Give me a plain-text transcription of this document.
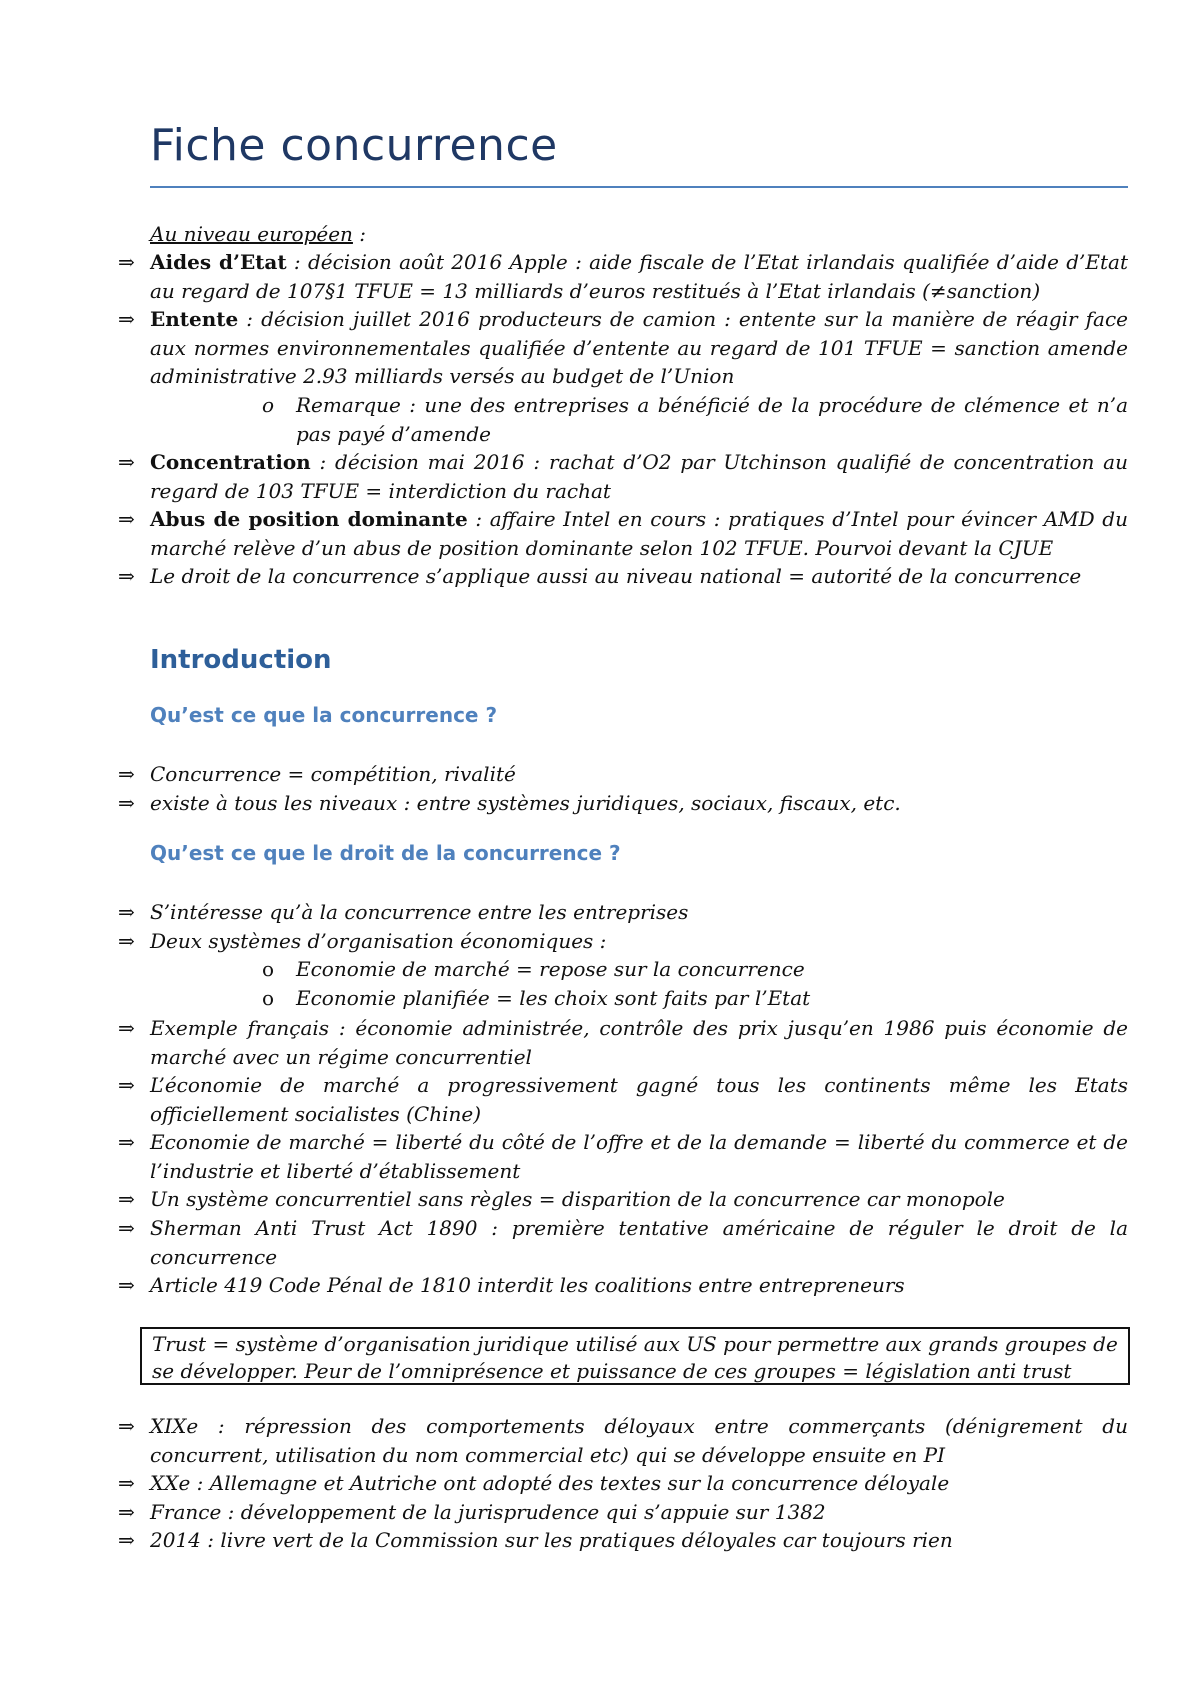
Fiche concurrence
Au niveau européen :
⇒ Aides d’Etat : décision août 2016 Apple : aide fiscale de l’Etat irlandais qualifiée d’aide d’Etat au regard de 107§1 TFUE = 13 milliards d’euros restitués à l’Etat irlandais (≠sanction)
⇒ Entente : décision juillet 2016 producteurs de camion : entente sur la manière de réagir face aux normes environnementales qualifiée d’entente au regard de 101 TFUE = sanction amende administrative 2.93 milliards versés au budget de l’Union
o Remarque : une des entreprises a bénéficié de la procédure de clémence et n’a pas payé d’amende
⇒ Concentration : décision mai 2016 : rachat d’O2 par Utchinson qualifié de concentration au regard de 103 TFUE = interdiction du rachat
⇒ Abus de position dominante : affaire Intel en cours : pratiques d’Intel pour évincer AMD du marché relève d’un abus de position dominante selon 102 TFUE. Pourvoi devant la CJUE
⇒ Le droit de la concurrence s’applique aussi au niveau national = autorité de la concurrence
Introduction
Qu’est ce que la concurrence ?
⇒ Concurrence = compétition, rivalité
⇒ existe à tous les niveaux : entre systèmes juridiques, sociaux, fiscaux, etc.
Qu’est ce que le droit de la concurrence ?
⇒ S’intéresse qu’à la concurrence entre les entreprises
⇒ Deux systèmes d’organisation économiques :
o Economie de marché = repose sur la concurrence
o Economie planifiée = les choix sont faits par l’Etat
⇒ Exemple français : économie administrée, contrôle des prix jusqu’en 1986 puis économie de marché avec un régime concurrentiel
⇒ L’économie de marché a progressivement gagné tous les continents même les Etats officiellement socialistes (Chine)
⇒ Economie de marché = liberté du côté de l’offre et de la demande = liberté du commerce et de l’industrie et liberté d’établissement
⇒ Un système concurrentiel sans règles = disparition de la concurrence car monopole
⇒ Sherman Anti Trust Act 1890 : première tentative américaine de réguler le droit de la concurrence
⇒ Article 419 Code Pénal de 1810 interdit les coalitions entre entrepreneurs
Trust = système d’organisation juridique utilisé aux US pour permettre aux grands groupes de se développer. Peur de l’omniprésence et puissance de ces groupes = législation anti trust
⇒ XIXe : répression des comportements déloyaux entre commerçants (dénigrement du concurrent, utilisation du nom commercial etc) qui se développe ensuite en PI
⇒ XXe : Allemagne et Autriche ont adopté des textes sur la concurrence déloyale
⇒ France : développement de la jurisprudence qui s’appuie sur 1382
⇒ 2014 : livre vert de la Commission sur les pratiques déloyales car toujours rien
